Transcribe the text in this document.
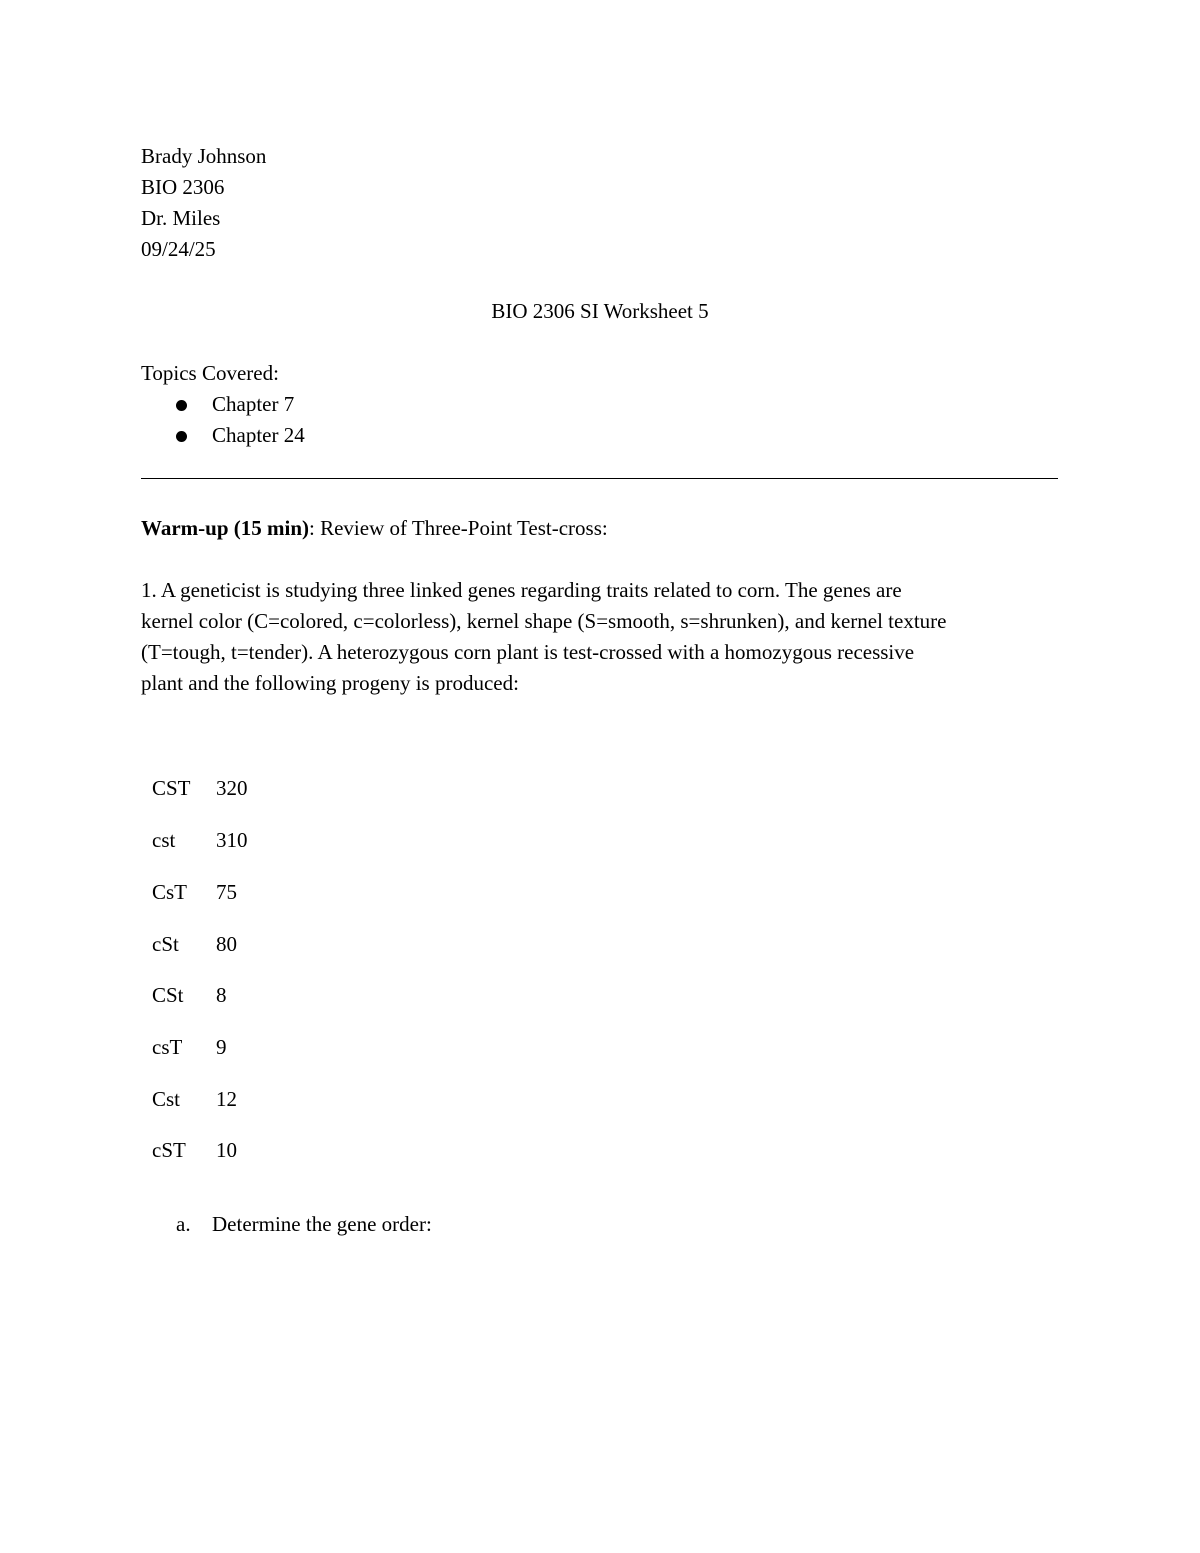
Brady Johnson
BIO 2306
Dr. Miles
09/24/25
BIO 2306 SI Worksheet 5
Topics Covered:
Chapter 7
Chapter 24
Warm-up (15 min): Review of Three-Point Test-cross:
1. A geneticist is studying three linked genes regarding traits related to corn. The genes are
kernel color (C=colored, c=colorless), kernel shape (S=smooth, s=shrunken), and kernel texture
(T=tough, t=tender). A heterozygous corn plant is test-crossed with a homozygous recessive
plant and the following progeny is produced:
CST 320
cst 310
CsT 75
cSt 80
CSt 8
csT 9
Cst 12
cST 10
a. Determine the gene order:
